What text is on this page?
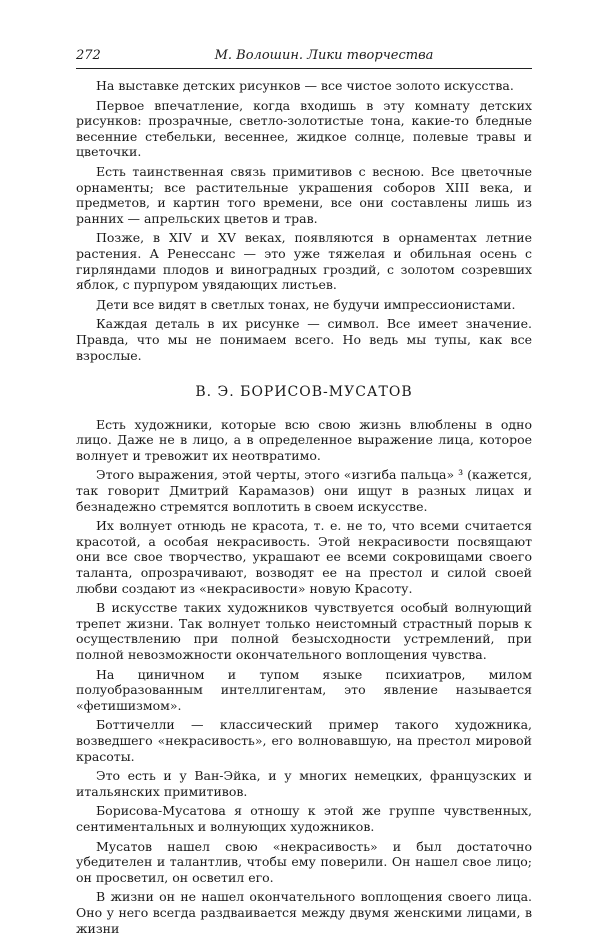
272	М. Волошин. Лики творчества

На выставке детских рисунков — все чистое золото искусства.

Первое впечатление, когда входишь в эту комнату детских рисунков: прозрачные, светло-золотистые тона, какие-то бледные весенние стебельки, весеннее, жидкое солнце, полевые травы и цветочки.

Есть таинственная связь примитивов с весною. Все цветочные орнаменты; все растительные украшения соборов XIII века, и предметов, и картин того времени, все они составлены лишь из ранних — апрельских цветов и трав.

Позже, в XIV и XV веках, появляются в орнаментах летние растения. А Ренессанс — это уже тяжелая и обильная осень с гирляндами плодов и виноградных гроздий, с золотом созревших яблок, с пурпуром увядающих листьев.

Дети все видят в светлых тонах, не будучи импрессионистами.

Каждая деталь в их рисунке — символ. Все имеет значение. Правда, что мы не понимаем всего. Но ведь мы тупы, как все взрослые.

В. Э. БОРИСОВ-МУСАТОВ

Есть художники, которые всю свою жизнь влюблены в одно лицо. Даже не в лицо, а в определенное выражение лица, которое волнует и тревожит их неотвратимо.

Этого выражения, этой черты, этого «изгиба пальца» ³ (кажется, так говорит Дмитрий Карамазов) они ищут в разных лицах и безнадежно стремятся воплотить в своем искусстве.

Их волнует отнюдь не красота, т. е. не то, что всеми считается красотой, а особая некрасивость. Этой некрасивости посвящают они все свое творчество, украшают ее всеми сокровищами своего таланта, опрозрачивают, возводят ее на престол и силой своей любви создают из «некрасивости» новую Красоту.

В искусстве таких художников чувствуется особый волнующий трепет жизни. Так волнует только неистомный страстный порыв к осуществлению при полной безысходности устремлений, при полной невозможности окончательного воплощения чувства.

На циничном и тупом языке психиатров, милом полуобразованным интеллигентам, это явление называется «фетишизмом».

Боттичелли — классический пример такого художника, возведшего «некрасивость», его волновавшую, на престол мировой красоты.

Это есть и у Ван-Эйка, и у многих немецких, французских и итальянских примитивов.

Борисова-Мусатова я отношу к этой же группе чувственных, сентиментальных и волнующих художников.

Мусатов нашел свою «некрасивость» и был достаточно убедителен и талантлив, чтобы ему поверили. Он нашел свое лицо; он просветил, он осветил его.

В жизни он не нашел окончательного воплощения своего лица. Оно у него всегда раздваивается между двумя женскими лицами, в жизни
